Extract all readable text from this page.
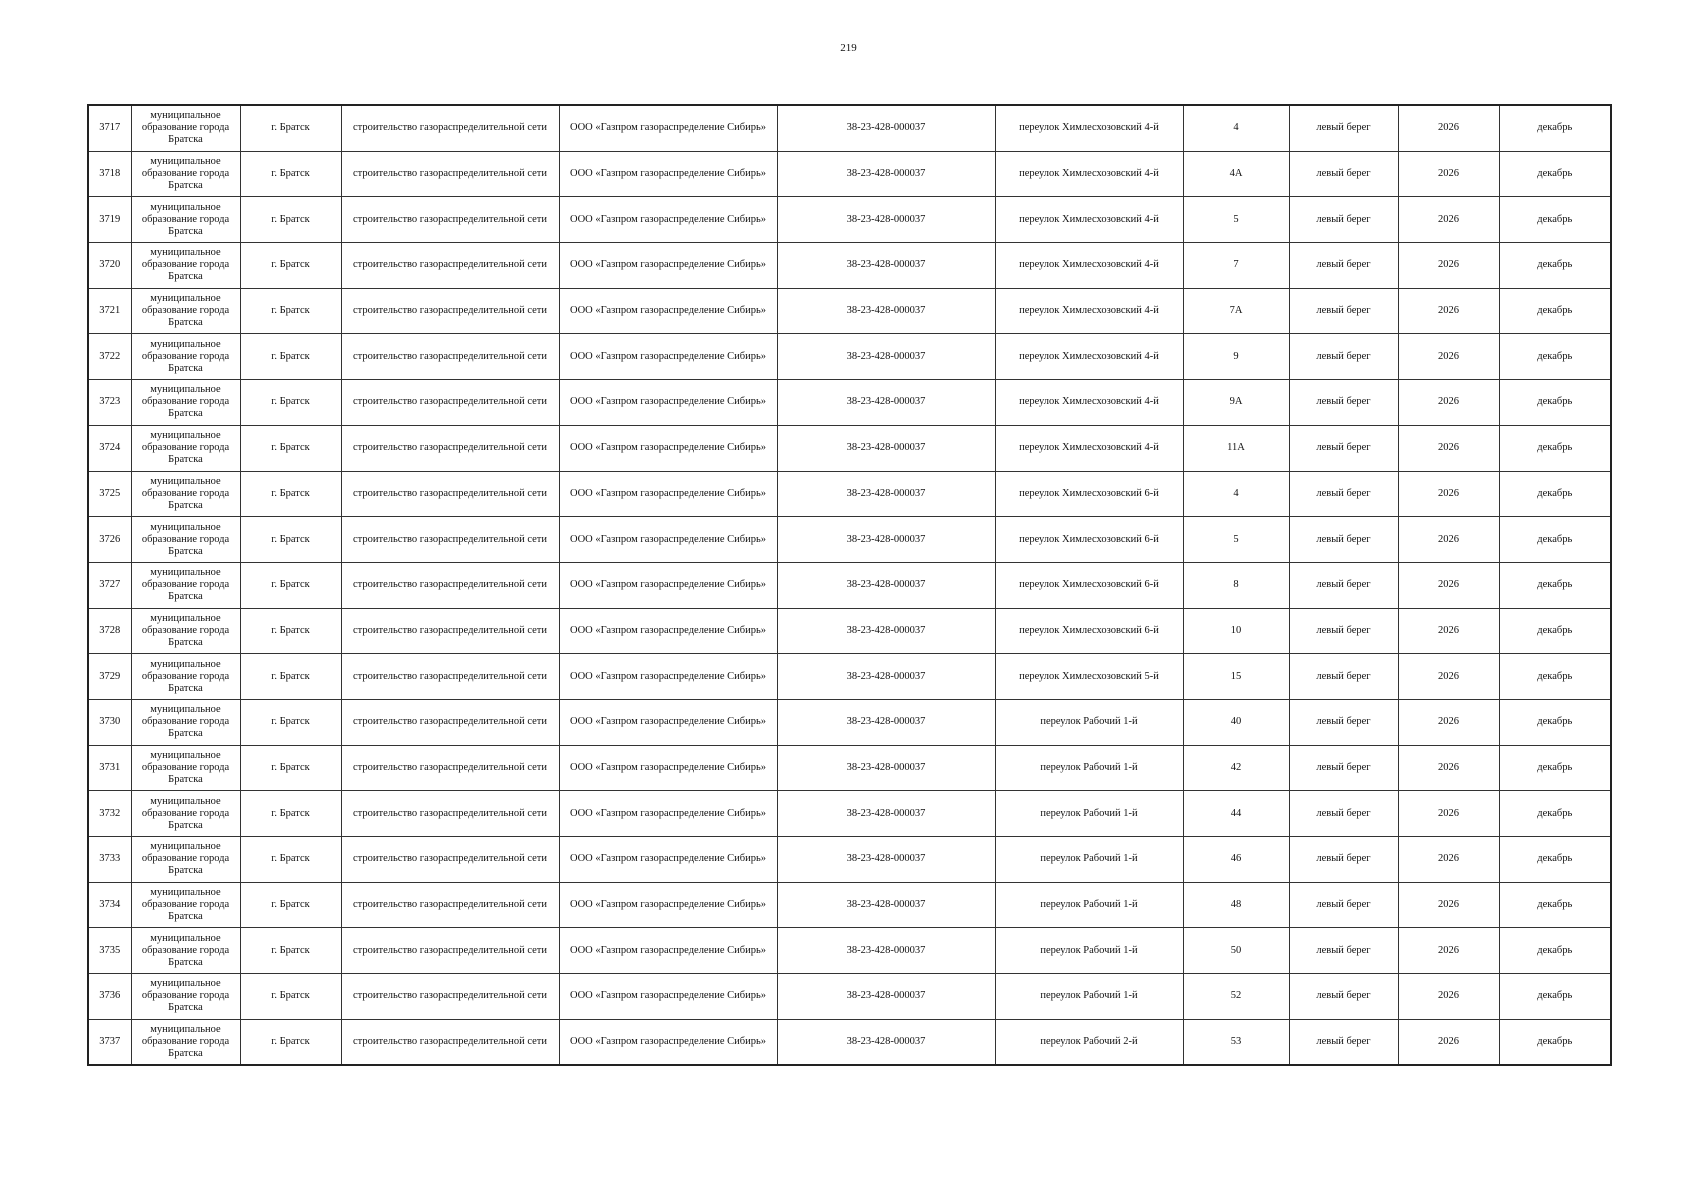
219
3717	муниципальное образование города Братска	г. Братск	строительство газораспределительной сети	ООО «Газпром газораспределение Сибирь»	38-23-428-000037	переулок Химлесхозовский 4-й	4	левый берег	2026	декабрь
3718	муниципальное образование города Братска	г. Братск	строительство газораспределительной сети	ООО «Газпром газораспределение Сибирь»	38-23-428-000037	переулок Химлесхозовский 4-й	4А	левый берег	2026	декабрь
3719	муниципальное образование города Братска	г. Братск	строительство газораспределительной сети	ООО «Газпром газораспределение Сибирь»	38-23-428-000037	переулок Химлесхозовский 4-й	5	левый берег	2026	декабрь
3720	муниципальное образование города Братска	г. Братск	строительство газораспределительной сети	ООО «Газпром газораспределение Сибирь»	38-23-428-000037	переулок Химлесхозовский 4-й	7	левый берег	2026	декабрь
3721	муниципальное образование города Братска	г. Братск	строительство газораспределительной сети	ООО «Газпром газораспределение Сибирь»	38-23-428-000037	переулок Химлесхозовский 4-й	7А	левый берег	2026	декабрь
3722	муниципальное образование города Братска	г. Братск	строительство газораспределительной сети	ООО «Газпром газораспределение Сибирь»	38-23-428-000037	переулок Химлесхозовский 4-й	9	левый берег	2026	декабрь
3723	муниципальное образование города Братска	г. Братск	строительство газораспределительной сети	ООО «Газпром газораспределение Сибирь»	38-23-428-000037	переулок Химлесхозовский 4-й	9А	левый берег	2026	декабрь
3724	муниципальное образование города Братска	г. Братск	строительство газораспределительной сети	ООО «Газпром газораспределение Сибирь»	38-23-428-000037	переулок Химлесхозовский 4-й	11А	левый берег	2026	декабрь
3725	муниципальное образование города Братска	г. Братск	строительство газораспределительной сети	ООО «Газпром газораспределение Сибирь»	38-23-428-000037	переулок Химлесхозовский 6-й	4	левый берег	2026	декабрь
3726	муниципальное образование города Братска	г. Братск	строительство газораспределительной сети	ООО «Газпром газораспределение Сибирь»	38-23-428-000037	переулок Химлесхозовский 6-й	5	левый берег	2026	декабрь
3727	муниципальное образование города Братска	г. Братск	строительство газораспределительной сети	ООО «Газпром газораспределение Сибирь»	38-23-428-000037	переулок Химлесхозовский 6-й	8	левый берег	2026	декабрь
3728	муниципальное образование города Братска	г. Братск	строительство газораспределительной сети	ООО «Газпром газораспределение Сибирь»	38-23-428-000037	переулок Химлесхозовский 6-й	10	левый берег	2026	декабрь
3729	муниципальное образование города Братска	г. Братск	строительство газораспределительной сети	ООО «Газпром газораспределение Сибирь»	38-23-428-000037	переулок Химлесхозовский 5-й	15	левый берег	2026	декабрь
3730	муниципальное образование города Братска	г. Братск	строительство газораспределительной сети	ООО «Газпром газораспределение Сибирь»	38-23-428-000037	переулок Рабочий 1-й	40	левый берег	2026	декабрь
3731	муниципальное образование города Братска	г. Братск	строительство газораспределительной сети	ООО «Газпром газораспределение Сибирь»	38-23-428-000037	переулок Рабочий 1-й	42	левый берег	2026	декабрь
3732	муниципальное образование города Братска	г. Братск	строительство газораспределительной сети	ООО «Газпром газораспределение Сибирь»	38-23-428-000037	переулок Рабочий 1-й	44	левый берег	2026	декабрь
3733	муниципальное образование города Братска	г. Братск	строительство газораспределительной сети	ООО «Газпром газораспределение Сибирь»	38-23-428-000037	переулок Рабочий 1-й	46	левый берег	2026	декабрь
3734	муниципальное образование города Братска	г. Братск	строительство газораспределительной сети	ООО «Газпром газораспределение Сибирь»	38-23-428-000037	переулок Рабочий 1-й	48	левый берег	2026	декабрь
3735	муниципальное образование города Братска	г. Братск	строительство газораспределительной сети	ООО «Газпром газораспределение Сибирь»	38-23-428-000037	переулок Рабочий 1-й	50	левый берег	2026	декабрь
3736	муниципальное образование города Братска	г. Братск	строительство газораспределительной сети	ООО «Газпром газораспределение Сибирь»	38-23-428-000037	переулок Рабочий 1-й	52	левый берег	2026	декабрь
3737	муниципальное образование города Братска	г. Братск	строительство газораспределительной сети	ООО «Газпром газораспределение Сибирь»	38-23-428-000037	переулок Рабочий 2-й	53	левый берег	2026	декабрь
